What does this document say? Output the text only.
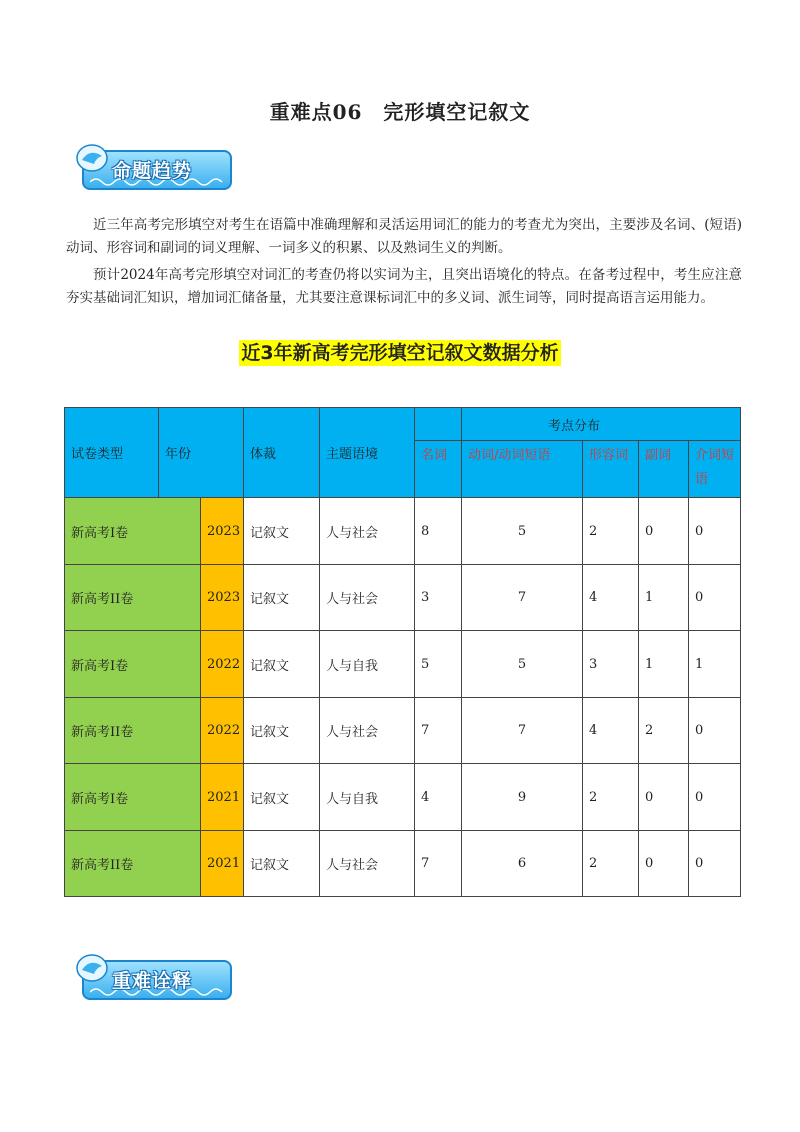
重难点06　完形填空记叙文
命题趋势

近三年高考完形填空对考生在语篇中准确理解和灵活运用词汇的能力的考查尤为突出，主要涉及名词、(短语)动词、形容词和副词的词义理解、一词多义的积累、以及熟词生义的判断。

预计2024年高考完形填空对词汇的考查仍将以实词为主，且突出语境化的特点。在备考过程中，考生应注意夯实基础词汇知识，增加词汇储备量，尤其要注意课标词汇中的多义词、派生词等，同时提高语言运用能力。

近3年新高考完形填空记叙文数据分析
试卷类型	年份		体裁	主题语境		考点分布			
					名词	动词/动词短语	形容词	副词	介词短语
新高考I卷		2023	记叙文	人与社会	8	5	2	0	0
新高考II卷		2023	记叙文	人与社会	3	7	4	1	0
新高考I卷		2022	记叙文	人与自我	5	5	3	1	1
新高考II卷		2022	记叙文	人与社会	7	7	4	2	0
新高考I卷		2021	记叙文	人与自我	4	9	2	0	0
新高考II卷		2021	记叙文	人与社会	7	6	2	0	0
重难诠释
